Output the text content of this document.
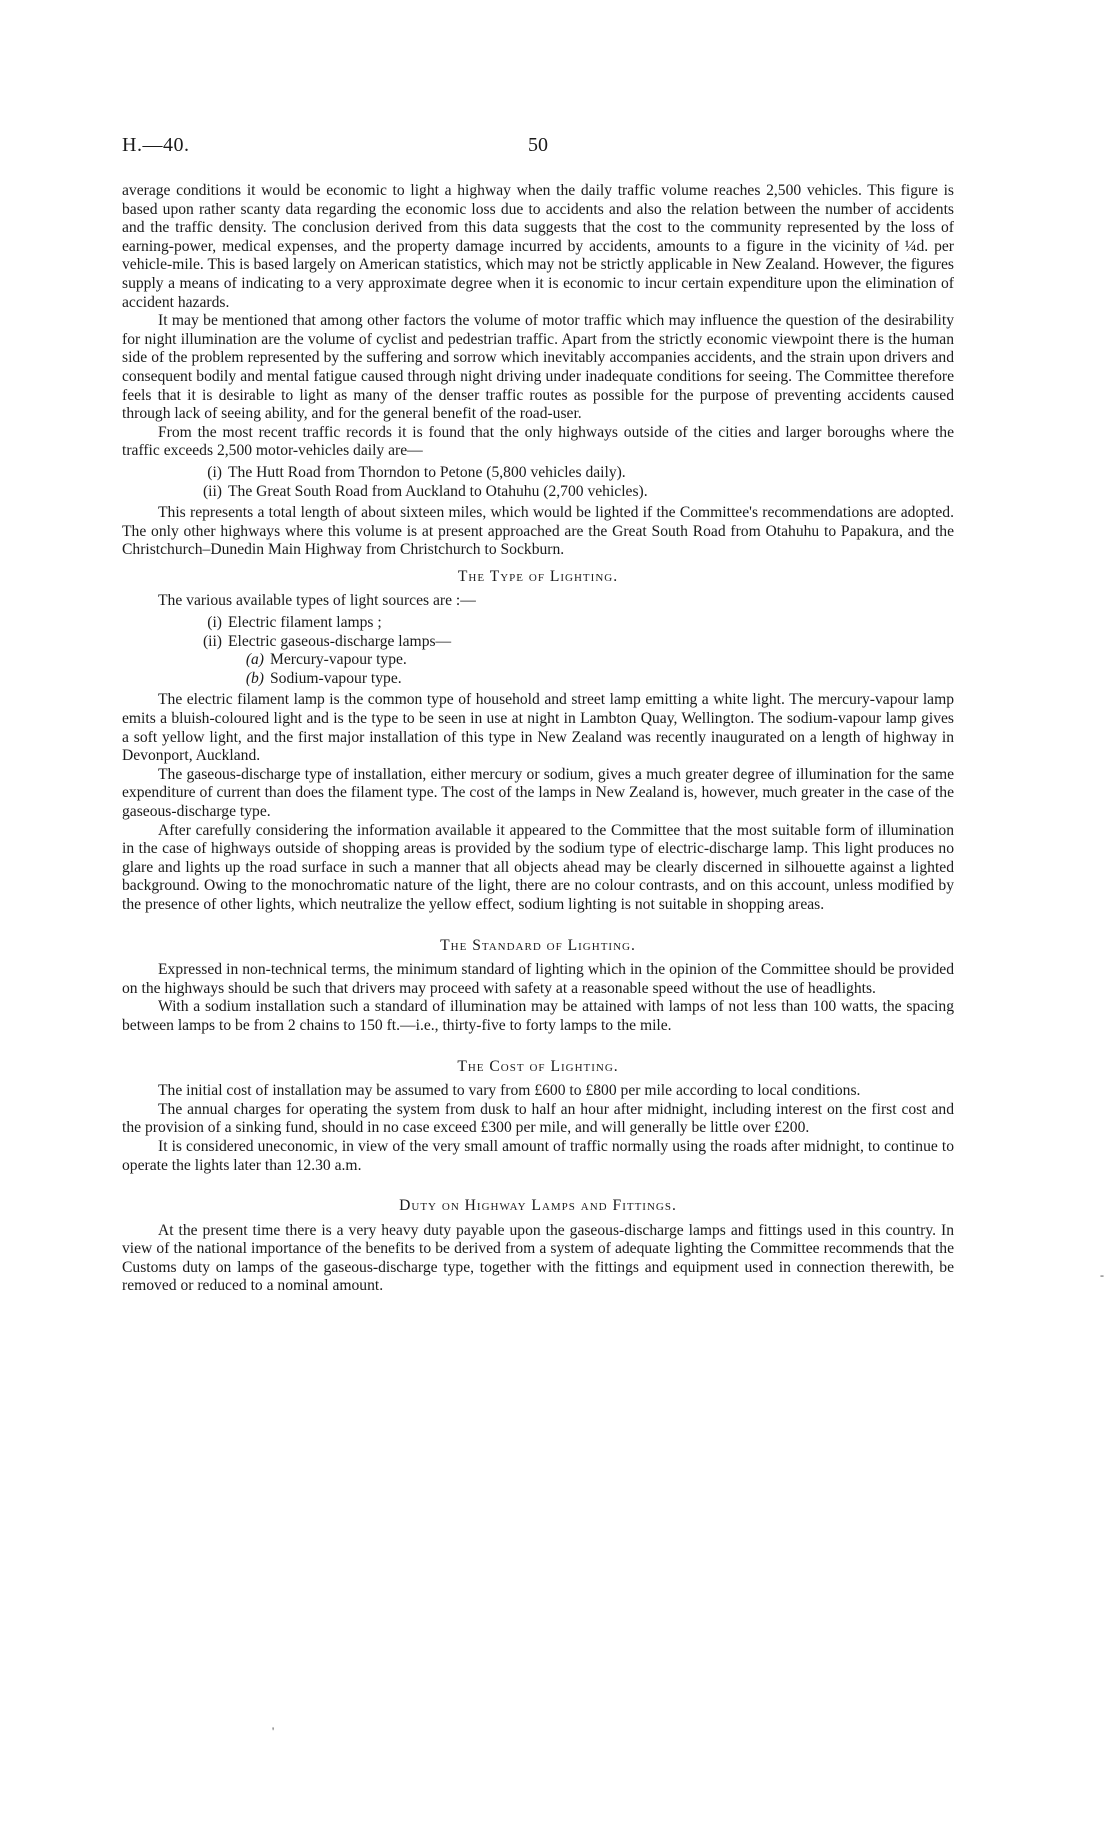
H.—40.	50

average conditions it would be economic to light a highway when the daily traffic volume reaches 2,500 vehicles. This figure is based upon rather scanty data regarding the economic loss due to accidents and also the relation between the number of accidents and the traffic density. The conclusion derived from this data suggests that the cost to the community represented by the loss of earning-power, medical expenses, and the property damage incurred by accidents, amounts to a figure in the vicinity of ¼d. per vehicle-mile. This is based largely on American statistics, which may not be strictly applicable in New Zealand. However, the figures supply a means of indicating to a very approximate degree when it is economic to incur certain expenditure upon the elimination of accident hazards.

It may be mentioned that among other factors the volume of motor traffic which may influence the question of the desirability for night illumination are the volume of cyclist and pedestrian traffic. Apart from the strictly economic viewpoint there is the human side of the problem represented by the suffering and sorrow which inevitably accompanies accidents, and the strain upon drivers and consequent bodily and mental fatigue caused through night driving under inadequate conditions for seeing. The Committee therefore feels that it is desirable to light as many of the denser traffic routes as possible for the purpose of preventing accidents caused through lack of seeing ability, and for the general benefit of the road-user.

From the most recent traffic records it is found that the only highways outside of the cities and larger boroughs where the traffic exceeds 2,500 motor-vehicles daily are—

(i) The Hutt Road from Thorndon to Petone (5,800 vehicles daily).
(ii) The Great South Road from Auckland to Otahuhu (2,700 vehicles).

This represents a total length of about sixteen miles, which would be lighted if the Committee's recommendations are adopted. The only other highways where this volume is at present approached are the Great South Road from Otahuhu to Papakura, and the Christchurch–Dunedin Main Highway from Christchurch to Sockburn.

The Type of Lighting.

The various available types of light sources are :—

(i) Electric filament lamps ;
(ii) Electric gaseous-discharge lamps—
(a) Mercury-vapour type.
(b) Sodium-vapour type.

The electric filament lamp is the common type of household and street lamp emitting a white light. The mercury-vapour lamp emits a bluish-coloured light and is the type to be seen in use at night in Lambton Quay, Wellington. The sodium-vapour lamp gives a soft yellow light, and the first major installation of this type in New Zealand was recently inaugurated on a length of highway in Devonport, Auckland.

The gaseous-discharge type of installation, either mercury or sodium, gives a much greater degree of illumination for the same expenditure of current than does the filament type. The cost of the lamps in New Zealand is, however, much greater in the case of the gaseous-discharge type.

After carefully considering the information available it appeared to the Committee that the most suitable form of illumination in the case of highways outside of shopping areas is provided by the sodium type of electric-discharge lamp. This light produces no glare and lights up the road surface in such a manner that all objects ahead may be clearly discerned in silhouette against a lighted background. Owing to the monochromatic nature of the light, there are no colour contrasts, and on this account, unless modified by the presence of other lights, which neutralize the yellow effect, sodium lighting is not suitable in shopping areas.

The Standard of Lighting.

Expressed in non-technical terms, the minimum standard of lighting which in the opinion of the Committee should be provided on the highways should be such that drivers may proceed with safety at a reasonable speed without the use of headlights.

With a sodium installation such a standard of illumination may be attained with lamps of not less than 100 watts, the spacing between lamps to be from 2 chains to 150 ft.—i.e., thirty-five to forty lamps to the mile.

The Cost of Lighting.

The initial cost of installation may be assumed to vary from £600 to £800 per mile according to local conditions.

The annual charges for operating the system from dusk to half an hour after midnight, including interest on the first cost and the provision of a sinking fund, should in no case exceed £300 per mile, and will generally be little over £200.

It is considered uneconomic, in view of the very small amount of traffic normally using the roads after midnight, to continue to operate the lights later than 12.30 a.m.

Duty on Highway Lamps and Fittings.

At the present time there is a very heavy duty payable upon the gaseous-discharge lamps and fittings used in this country. In view of the national importance of the benefits to be derived from a system of adequate lighting the Committee recommends that the Customs duty on lamps of the gaseous-discharge type, together with the fittings and equipment used in connection therewith, be removed or reduced to a nominal amount.

-
'
